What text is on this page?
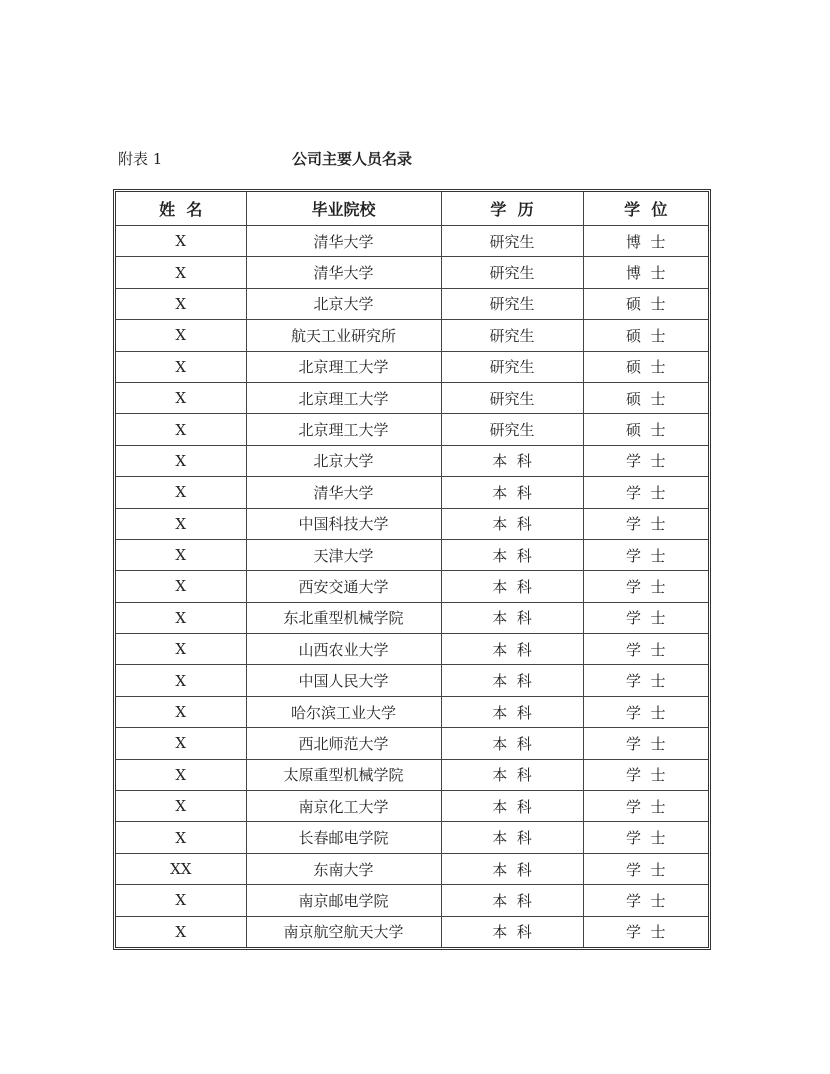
附表 1	公司主要人员名录
姓  名	毕业院校	学  历	学  位
X	清华大学	研究生	博  士
X	清华大学	研究生	博  士
X	北京大学	研究生	硕  士
X	航天工业研究所	研究生	硕  士
X	北京理工大学	研究生	硕  士
X	北京理工大学	研究生	硕  士
X	北京理工大学	研究生	硕  士
X	北京大学	本  科	学  士
X	清华大学	本  科	学  士
X	中国科技大学	本  科	学  士
X	天津大学	本  科	学  士
X	西安交通大学	本  科	学  士
X	东北重型机械学院	本  科	学  士
X	山西农业大学	本  科	学  士
X	中国人民大学	本  科	学  士
X	哈尔滨工业大学	本  科	学  士
X	西北师范大学	本  科	学  士
X	太原重型机械学院	本  科	学  士
X	南京化工大学	本  科	学  士
X	长春邮电学院	本  科	学  士
XX	东南大学	本  科	学  士
X	南京邮电学院	本  科	学  士
X	南京航空航天大学	本  科	学  士
